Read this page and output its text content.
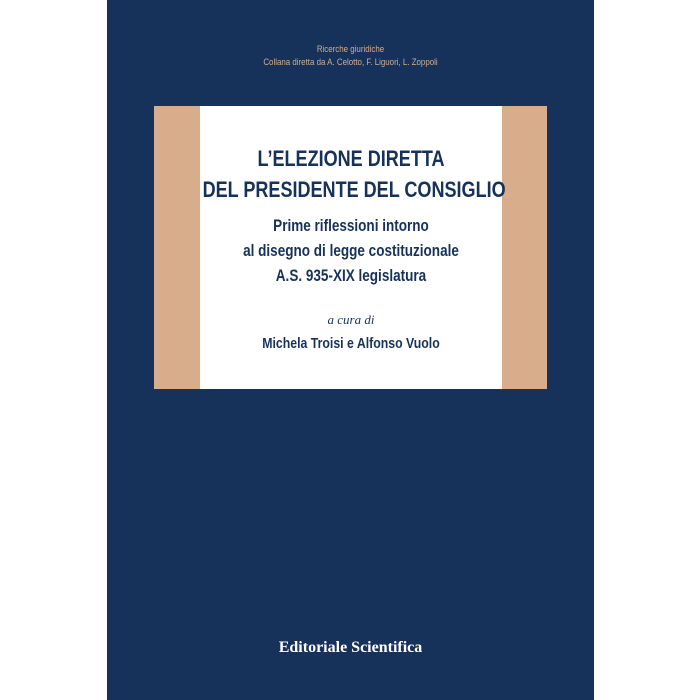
Ricerche giuridiche
Collana diretta da A. Celotto, F. Liguori, L. Zoppoli
L’ELEZIONE DIRETTA
DEL PRESIDENTE DEL CONSIGLIO
Prime riflessioni intorno
al disegno di legge costituzionale
A.S. 935-XIX legislatura
a cura di
Michela Troisi e Alfonso Vuolo
Editoriale Scientifica
